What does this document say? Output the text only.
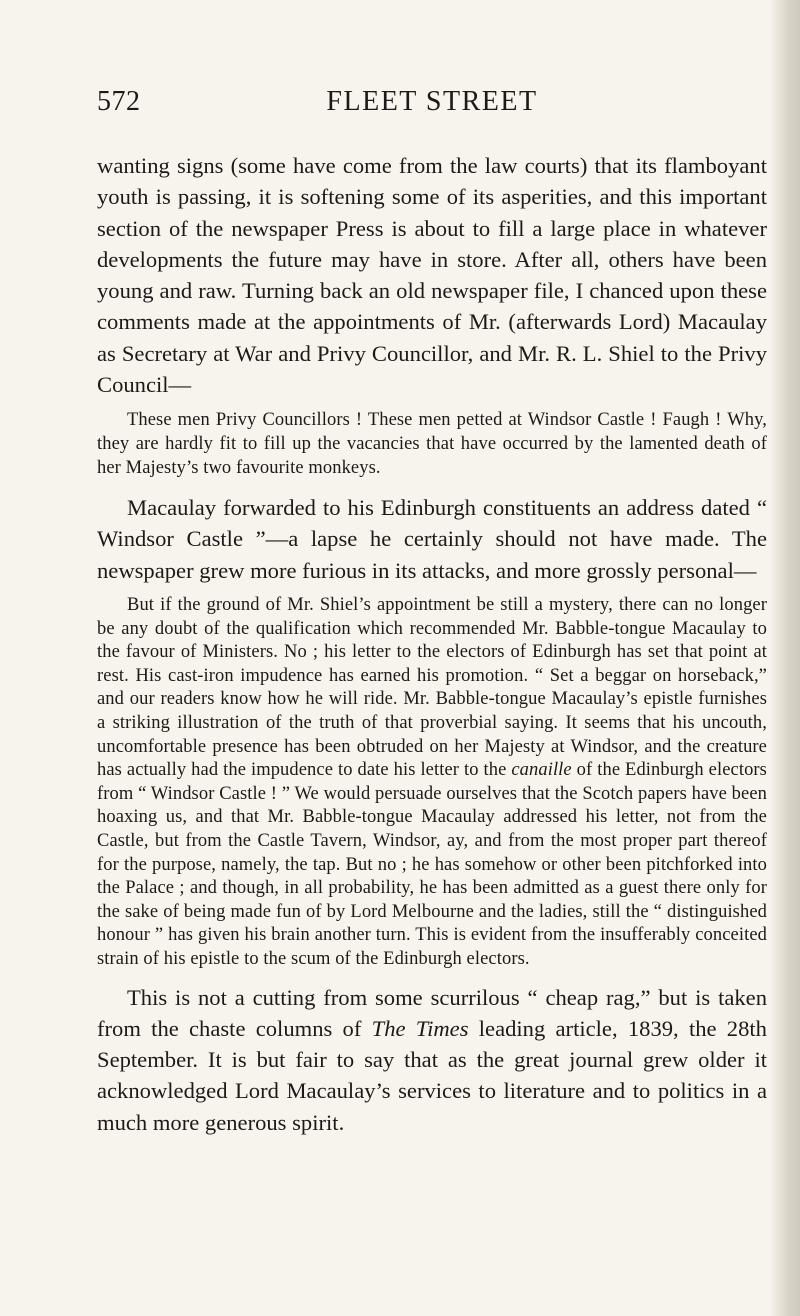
572	FLEET STREET

wanting signs (some have come from the law courts) that its flamboyant youth is passing, it is softening some of its asperities, and this important section of the newspaper Press is about to fill a large place in whatever developments the future may have in store. After all, others have been young and raw. Turning back an old newspaper file, I chanced upon these comments made at the appointments of Mr. (afterwards Lord) Macaulay as Secretary at War and Privy Councillor, and Mr. R. L. Shiel to the Privy Council—

These men Privy Councillors ! These men petted at Windsor Castle ! Faugh ! Why, they are hardly fit to fill up the vacancies that have occurred by the lamented death of her Majesty’s two favourite monkeys.

Macaulay forwarded to his Edinburgh constituents an address dated “ Windsor Castle ”—a lapse he certainly should not have made. The newspaper grew more furious in its attacks, and more grossly personal—

But if the ground of Mr. Shiel’s appointment be still a mystery, there can no longer be any doubt of the qualification which recommended Mr. Babble-tongue Macaulay to the favour of Ministers. No ; his letter to the electors of Edinburgh has set that point at rest. His cast-iron impudence has earned his promotion. “ Set a beggar on horseback,” and our readers know how he will ride. Mr. Babble-tongue Macaulay’s epistle furnishes a striking illustration of the truth of that proverbial saying. It seems that his uncouth, uncomfortable presence has been obtruded on her Majesty at Windsor, and the creature has actually had the impudence to date his letter to the canaille of the Edinburgh electors from “ Windsor Castle ! ” We would persuade ourselves that the Scotch papers have been hoaxing us, and that Mr. Babble-tongue Macaulay addressed his letter, not from the Castle, but from the Castle Tavern, Windsor, ay, and from the most proper part thereof for the purpose, namely, the tap. But no ; he has somehow or other been pitchforked into the Palace ; and though, in all probability, he has been admitted as a guest there only for the sake of being made fun of by Lord Melbourne and the ladies, still the “ distinguished honour ” has given his brain another turn. This is evident from the insufferably conceited strain of his epistle to the scum of the Edinburgh electors.

This is not a cutting from some scurrilous “ cheap rag,” but is taken from the chaste columns of The Times leading article, 1839, the 28th September. It is but fair to say that as the great journal grew older it acknowledged Lord Macaulay’s services to literature and to politics in a much more generous spirit.
